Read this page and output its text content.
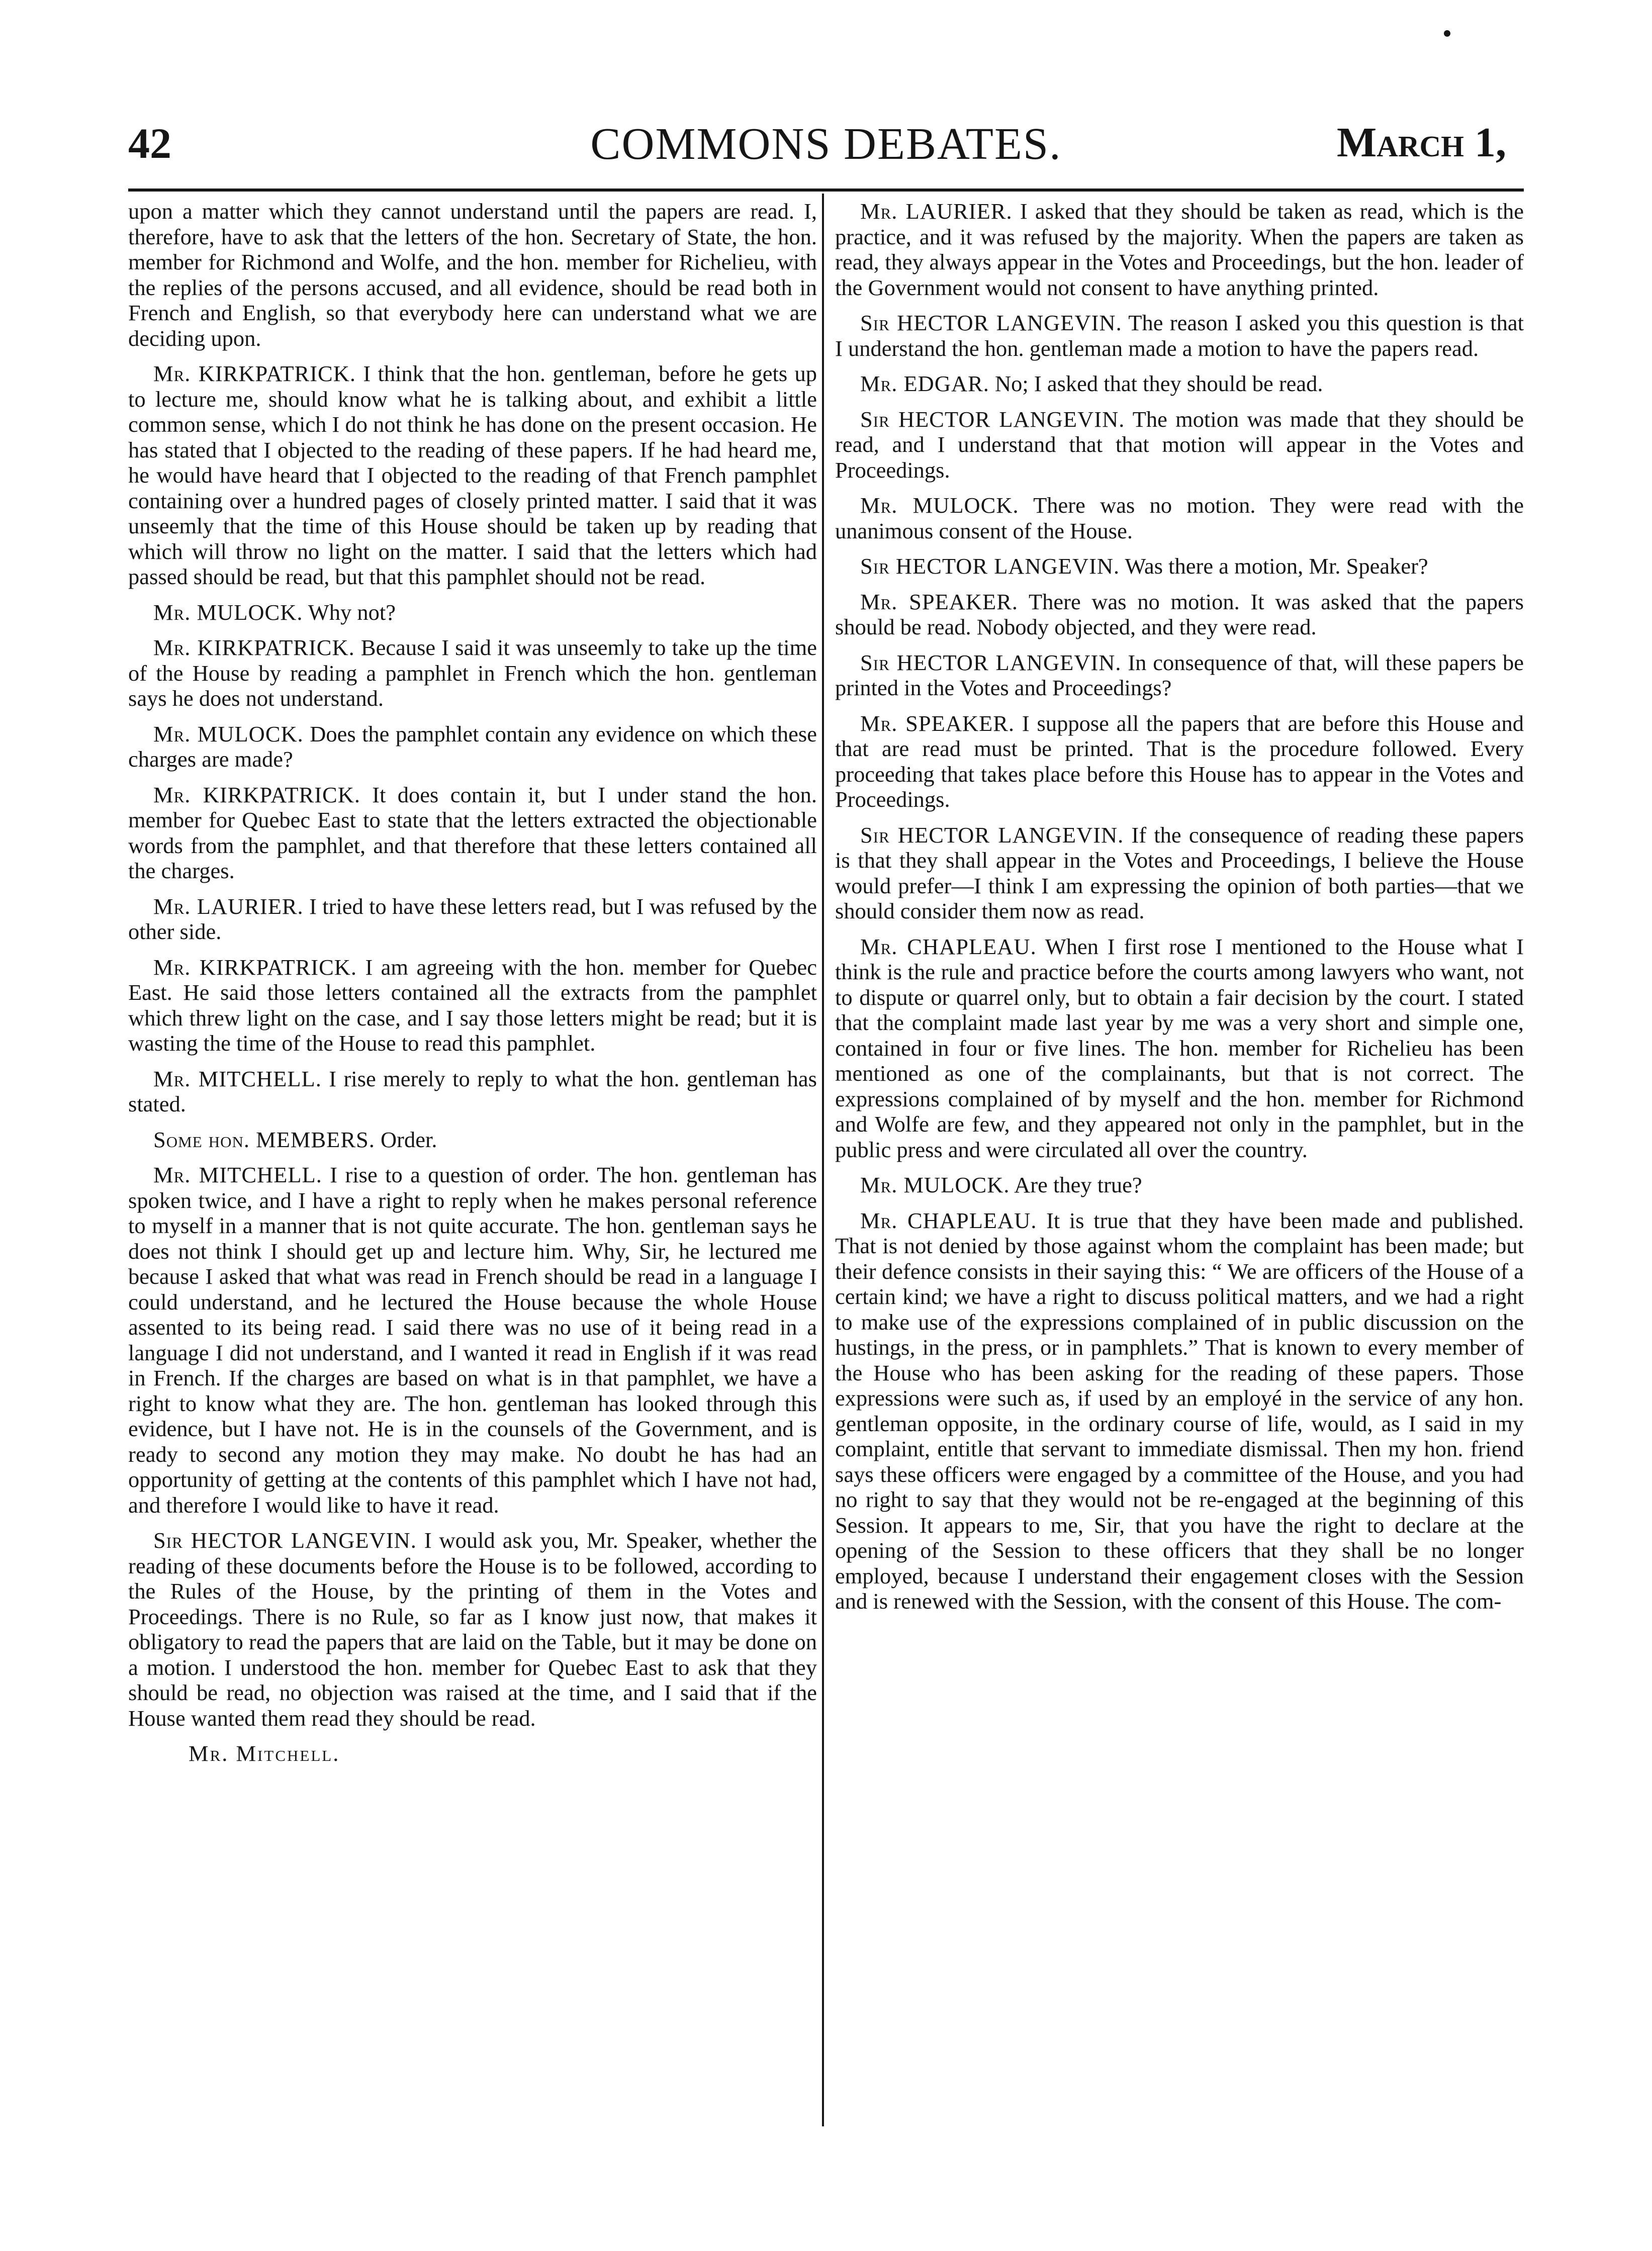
42	COMMONS DEBATES.	March 1,

upon a matter which they cannot understand until the papers are read. I, therefore, have to ask that the letters of the hon. Secretary of State, the hon. member for Richmond and Wolfe, and the hon. member for Richelieu, with the replies of the persons accused, and all evidence, should be read both in French and English, so that everybody here can understand what we are deciding upon.

Mr. KIRKPATRICK. I think that the hon. gentleman, before he gets up to lecture me, should know what he is talking about, and exhibit a little common sense, which I do not think he has done on the present occasion. He has stated that I objected to the reading of these papers. If he had heard me, he would have heard that I objected to the reading of that French pamphlet containing over a hundred pages of closely printed matter. I said that it was unseemly that the time of this House should be taken up by reading that which will throw no light on the matter. I said that the letters which had passed should be read, but that this pamphlet should not be read.

Mr. MULOCK. Why not?

Mr. KIRKPATRICK. Because I said it was unseemly to take up the time of the House by reading a pamphlet in French which the hon. gentleman says he does not understand.

Mr. MULOCK. Does the pamphlet contain any evidence on which these charges are made?

Mr. KIRKPATRICK. It does contain it, but I under stand the hon. member for Quebec East to state that the letters extracted the objectionable words from the pamphlet, and that therefore that these letters contained all the charges.

Mr. LAURIER. I tried to have these letters read, but I was refused by the other side.

Mr. KIRKPATRICK. I am agreeing with the hon. member for Quebec East. He said those letters contained all the extracts from the pamphlet which threw light on the case, and I say those letters might be read; but it is wasting the time of the House to read this pamphlet.

Mr. MITCHELL. I rise merely to reply to what the hon. gentleman has stated.

Some hon. MEMBERS. Order.

Mr. MITCHELL. I rise to a question of order. The hon. gentleman has spoken twice, and I have a right to reply when he makes personal reference to myself in a manner that is not quite accurate. The hon. gentleman says he does not think I should get up and lecture him. Why, Sir, he lectured me because I asked that what was read in French should be read in a language I could understand, and he lectured the House because the whole House assented to its being read. I said there was no use of it being read in a language I did not understand, and I wanted it read in English if it was read in French. If the charges are based on what is in that pamphlet, we have a right to know what they are. The hon. gentleman has looked through this evidence, but I have not. He is in the counsels of the Government, and is ready to second any motion they may make. No doubt he has had an opportunity of getting at the contents of this pamphlet which I have not had, and therefore I would like to have it read.

Sir HECTOR LANGEVIN. I would ask you, Mr. Speaker, whether the reading of these documents before the House is to be followed, according to the Rules of the House, by the printing of them in the Votes and Proceedings. There is no Rule, so far as I know just now, that makes it obligatory to read the papers that are laid on the Table, but it may be done on a motion. I understood the hon. member for Quebec East to ask that they should be read, no objection was raised at the time, and I said that if the House wanted them read they should be read.

Mr. Mitchell.

Mr. LAURIER. I asked that they should be taken as read, which is the practice, and it was refused by the majority. When the papers are taken as read, they always appear in the Votes and Proceedings, but the hon. leader of the Government would not consent to have anything printed.

Sir HECTOR LANGEVIN. The reason I asked you this question is that I understand the hon. gentleman made a motion to have the papers read.

Mr. EDGAR. No; I asked that they should be read.

Sir HECTOR LANGEVIN. The motion was made that they should be read, and I understand that that motion will appear in the Votes and Proceedings.

Mr. MULOCK. There was no motion. They were read with the unanimous consent of the House.

Sir HECTOR LANGEVIN. Was there a motion, Mr. Speaker?

Mr. SPEAKER. There was no motion. It was asked that the papers should be read. Nobody objected, and they were read.

Sir HECTOR LANGEVIN. In consequence of that, will these papers be printed in the Votes and Proceedings?

Mr. SPEAKER. I suppose all the papers that are before this House and that are read must be printed. That is the procedure followed. Every proceeding that takes place before this House has to appear in the Votes and Proceedings.

Sir HECTOR LANGEVIN. If the consequence of reading these papers is that they shall appear in the Votes and Proceedings, I believe the House would prefer—I think I am expressing the opinion of both parties—that we should consider them now as read.

Mr. CHAPLEAU. When I first rose I mentioned to the House what I think is the rule and practice before the courts among lawyers who want, not to dispute or quarrel only, but to obtain a fair decision by the court. I stated that the complaint made last year by me was a very short and simple one, contained in four or five lines. The hon. member for Richelieu has been mentioned as one of the complainants, but that is not correct. The expressions complained of by myself and the hon. member for Richmond and Wolfe are few, and they appeared not only in the pamphlet, but in the public press and were circulated all over the country.

Mr. MULOCK. Are they true?

Mr. CHAPLEAU. It is true that they have been made and published. That is not denied by those against whom the complaint has been made; but their defence consists in their saying this: “ We are officers of the House of a certain kind; we have a right to discuss political matters, and we had a right to make use of the expressions complained of in public discussion on the hustings, in the press, or in pamphlets.” That is known to every member of the House who has been asking for the reading of these papers. Those expressions were such as, if used by an employé in the service of any hon. gentleman opposite, in the ordinary course of life, would, as I said in my complaint, entitle that servant to immediate dismissal. Then my hon. friend says these officers were engaged by a committee of the House, and you had no right to say that they would not be re-engaged at the beginning of this Session. It appears to me, Sir, that you have the right to declare at the opening of the Session to these officers that they shall be no longer employed, because I understand their engagement closes with the Session and is renewed with the Session, with the consent of this House. The com-
